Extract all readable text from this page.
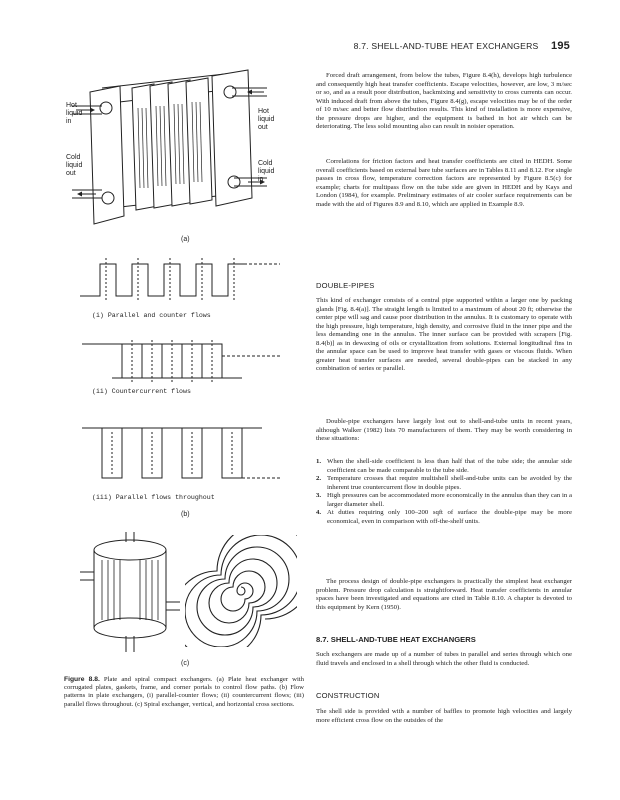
8.7. SHELL-AND-TUBE HEAT EXCHANGERS 195
Hot
liquid
in
Hot
liquid
out
Cold
liquid
out
Cold
liquid
in
(a)
(i) Parallel and counter flows
(ii) Countercurrent flows
(iii) Parallel flows throughout
(b)
(c)
Figure 8.8. Plate and spiral compact exchangers. (a) Plate heat exchanger with corrugated plates, gaskets, frame, and corner portals to control flow paths. (b) Flow patterns in plate exchangers, (i) parallel-counter flows; (ii) countercurrent flows; (iii) parallel flows throughout. (c) Spiral exchanger, vertical, and horizontal cross sections.

Forced draft arrangement, from below the tubes, Figure 8.4(h), develops high turbulence and consequently high heat transfer coefficients. Escape velocities, however, are low, 3 m/sec or so, and as a result poor distribution, backmixing and sensitivity to cross currents can occur. With induced draft from above the tubes, Figure 8.4(g), escape velocities may be of the order of 10 m/sec and better flow distribution results. This kind of installation is more expensive, the pressure drops are higher, and the equipment is bathed in hot air which can be deteriorating. The less solid mounting also can result in noisier operation.

Correlations for friction factors and heat transfer coefficients are cited in HEDH. Some overall coefficients based on external bare tube surfaces are in Tables 8.11 and 8.12. For single passes in cross flow, temperature correction factors are represented by Figure 8.5(c) for example; charts for multipass flow on the tube side are given in HEDH and by Kays and London (1984), for example. Preliminary estimates of air cooler surface requirements can be made with the aid of Figures 8.9 and 8.10, which are applied in Example 8.9.

DOUBLE-PIPES

This kind of exchanger consists of a central pipe supported within a larger one by packing glands [Fig. 8.4(a)]. The straight length is limited to a maximum of about 20 ft; otherwise the center pipe will sag and cause poor distribution in the annulus. It is customary to operate with the high pressure, high temperature, high density, and corrosive fluid in the inner pipe and the less demanding one in the annulus. The inner surface can be provided with scrapers [Fig. 8.4(b)] as in dewaxing of oils or crystallization from solutions. External longitudinal fins in the annular space can be used to improve heat transfer with gases or viscous fluids. When greater heat transfer surfaces are needed, several double-pipes can be stacked in any combination of series or parallel.

Double-pipe exchangers have largely lost out to shell-and-tube units in recent years, although Walker (1982) lists 70 manufacturers of them. They may be worth considering in these situations:

1. When the shell-side coefficient is less than half that of the tube side; the annular side coefficient can be made comparable to the tube side.
2. Temperature crosses that require multishell shell-and-tube units can be avoided by the inherent true countercurrent flow in double pipes.
3. High pressures can be accommodated more economically in the annulus than they can in a larger diameter shell.
4. At duties requiring only 100–200 sqft of surface the double-pipe may be more economical, even in comparison with off-the-shelf units.

The process design of double-pipe exchangers is practically the simplest heat exchanger problem. Pressure drop calculation is straightforward. Heat transfer coefficients in annular spaces have been investigated and equations are cited in Table 8.10. A chapter is devoted to this equipment by Kern (1950).

8.7. SHELL-AND-TUBE HEAT EXCHANGERS

Such exchangers are made up of a number of tubes in parallel and series through which one fluid travels and enclosed in a shell through which the other fluid is conducted.

CONSTRUCTION

The shell side is provided with a number of baffles to promote high velocities and largely more efficient cross flow on the outsides of the
